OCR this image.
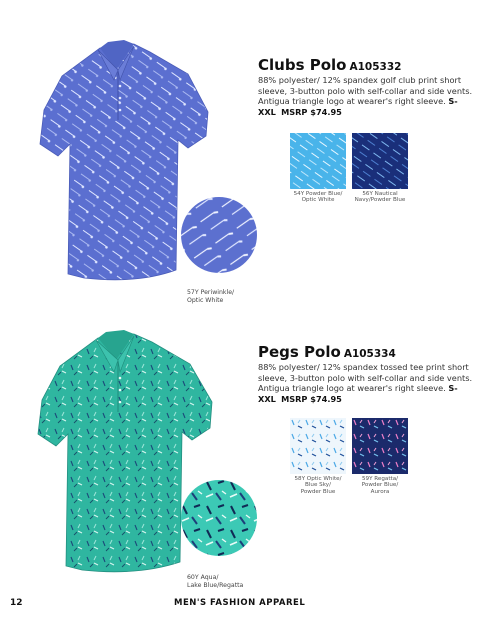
57Y Periwinkle/
Optic White
Clubs Polo A105332
88% polyester/ 12% spandex golf club print short sleeve, 3-button polo with self-collar and side vents. Antigua triangle logo at wearer's right sleeve. S-XXL MSRP $74.95
54Y Powder Blue/
Optic White
56Y Nautical
Navy/Powder Blue
60Y Aqua/
Lake Blue/Regatta
Pegs Polo A105334
88% polyester/ 12% spandex tossed tee print short sleeve, 3-button polo with self-collar and side vents. Antigua triangle logo at wearer's right sleeve. S-XXL MSRP $74.95
58Y Optic White/
Blue Sky/
Powder Blue
59Y Regatta/
Powder Blue/
Aurora
12	MEN'S FASHION APPAREL
